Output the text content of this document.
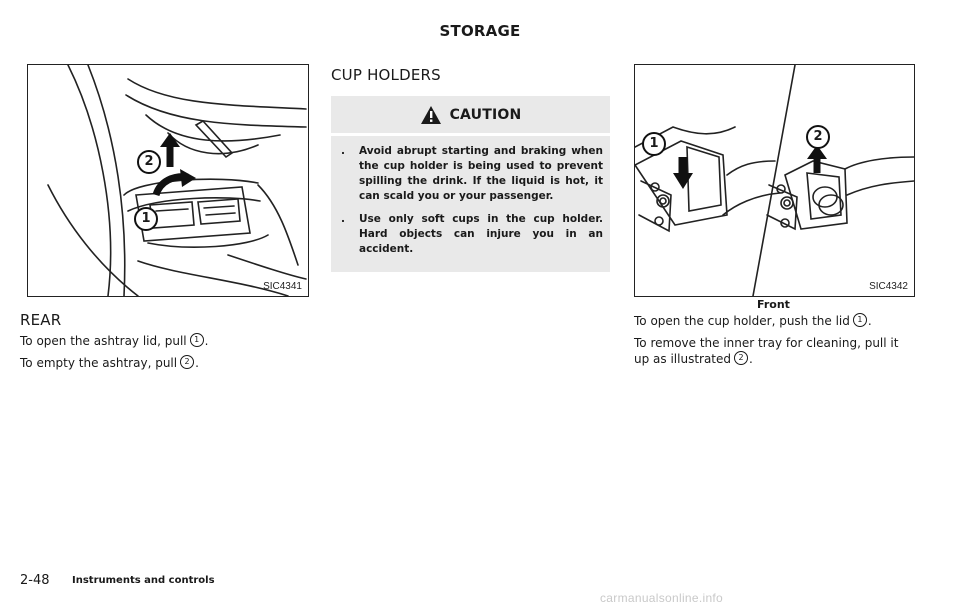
STORAGE
2
1
SIC4341
REAR
To open the ashtray lid, pull 1 .
To empty the ashtray, pull 2 .
CUP HOLDERS
CAUTION
.	Avoid abrupt starting and braking when the cup holder is being used to prevent spilling the drink. If the liquid is hot, it can scald you or your passenger.
.	Use only soft cups in the cup holder. Hard objects can injure you in an accident.
1	2
SIC4342
Front
To open the cup holder, push the lid 1 .
To remove the inner tray for cleaning, pull it up as illustrated 2 .
2-48 Instruments and controls
carmanualsonline.info
